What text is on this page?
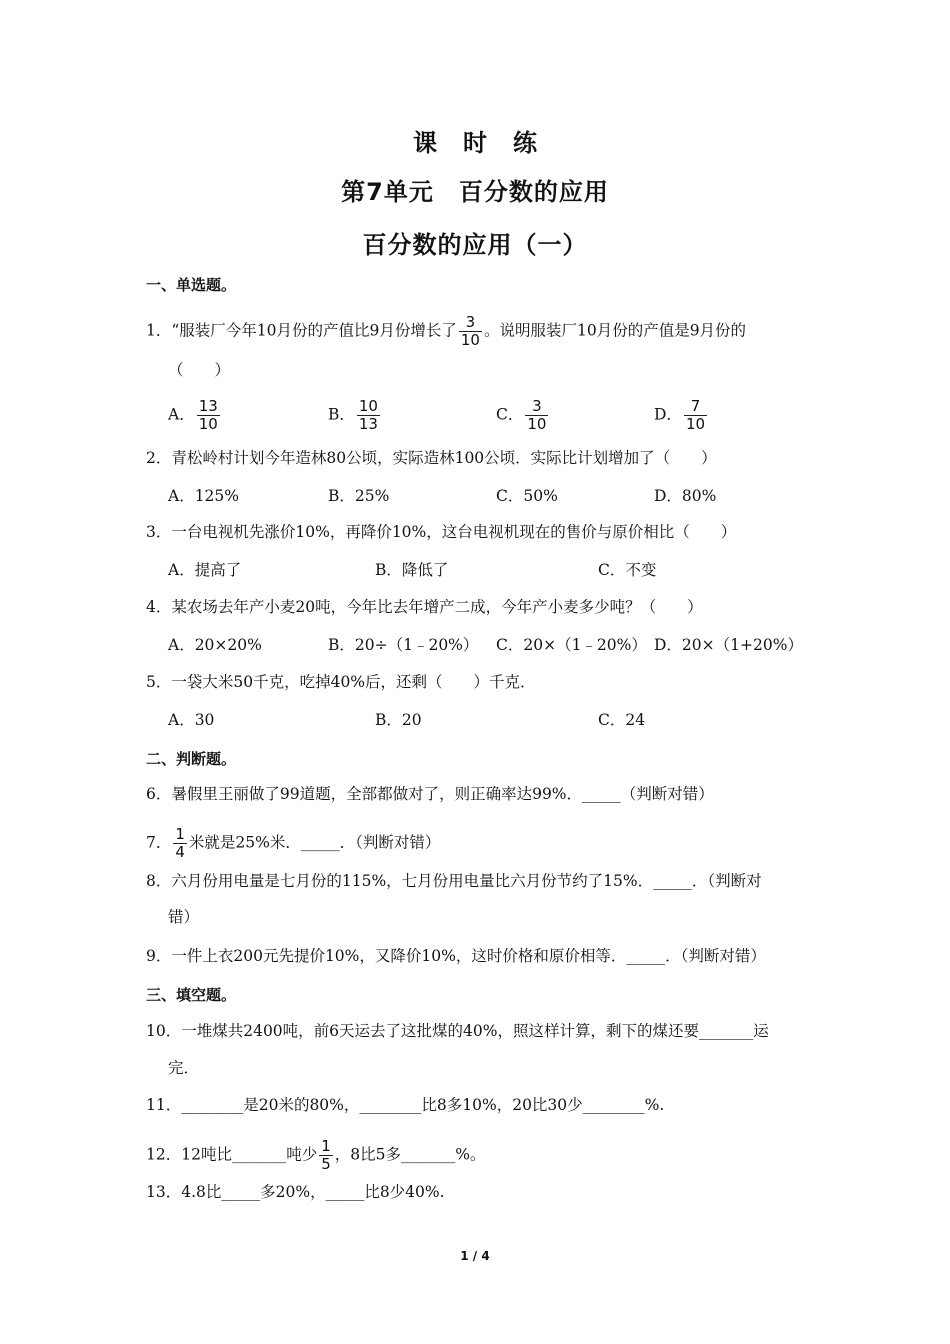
课时练
第7单元　百分数的应用
百分数的应用（一）
一、单选题。
1．“服装厂今年10月份的产值比9月份增长了 $\frac{3}{10}$ 。说明服装厂10月份的产值是9月份的
（　　）
A． $\frac{13}{10}$	B． $\frac{10}{13}$	C． $\frac{3}{10}$	D． $\frac{7}{10}$
2．青松岭村计划今年造林80公顷，实际造林100公顷．实际比计划增加了（　　）
A．125%	B．25%	C．50%	D．80%
3．一台电视机先涨价10%，再降价10%，这台电视机现在的售价与原价相比（　　）
A．提高了	B．降低了	C．不变
4．某农场去年产小麦20吨，今年比去年增产二成，今年产小麦多少吨？（　　）
A．20×20%	B．20÷（1﹣20%） C．20×（1﹣20%） D．20×（1+20%）
5．一袋大米50千克，吃掉40%后，还剩（　　）千克．
A．30	B．20	C．24
二、判断题。
6．暑假里王丽做了99道题，全部都做对了，则正确率达99%．_____（判断对错）
7． $\frac{1}{4}$ 米就是25%米．_____．（判断对错）
8．六月份用电量是七月份的115%，七月份用电量比六月份节约了15%．_____．（判断对
错）
9．一件上衣200元先提价10%，又降价10%，这时价格和原价相等．_____．（判断对错）
三、填空题。
10．一堆煤共2400吨，前6天运去了这批煤的40%，照这样计算，剩下的煤还要_______运
完．
11．________是20米的80%，________比8多10%，20比30少________%.
12．12吨比_______吨少 $\frac{1}{5}$ ，8比5多_______%。
13．4.8比_____多20%，_____比8少40%.
1 / 4
